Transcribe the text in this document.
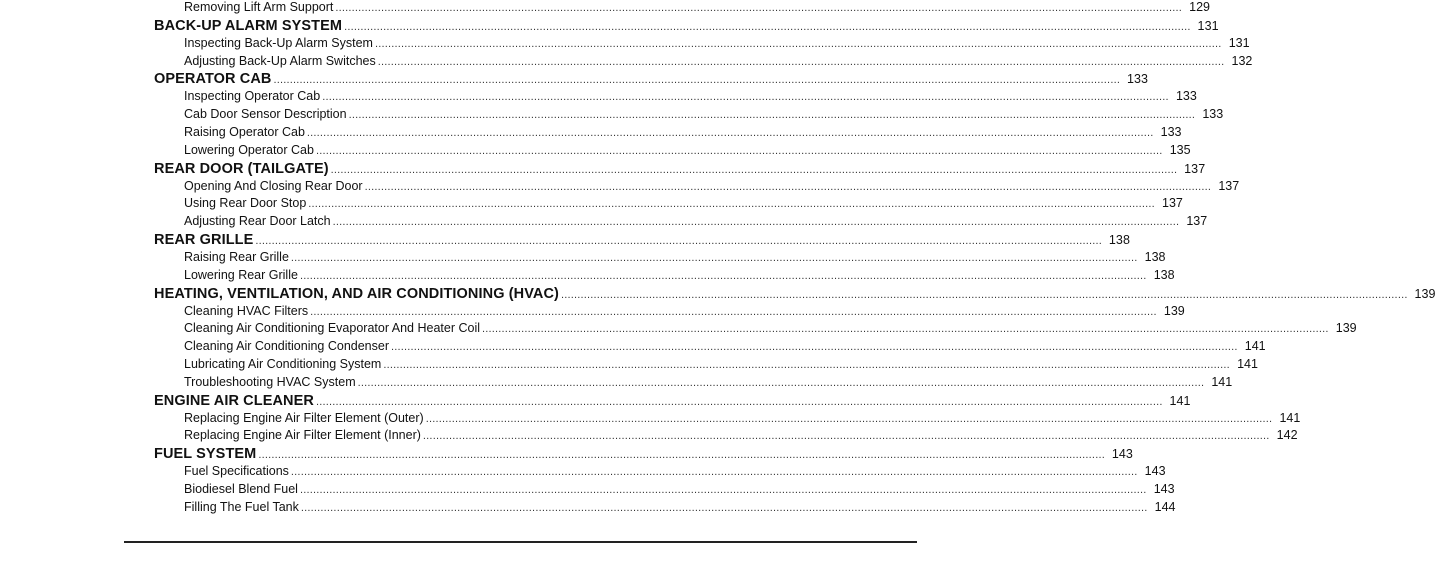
Removing Lift Arm Support .................................................................................................................................................................................................................................................................... 129
BACK-UP ALARM SYSTEM .................................................................................................................................................................................................................................................................... 131
Inspecting Back-Up Alarm System .................................................................................................................................................................................................................................................................... 131
Adjusting Back-Up Alarm Switches .................................................................................................................................................................................................................................................................... 132
OPERATOR CAB .................................................................................................................................................................................................................................................................... 133
Inspecting Operator Cab .................................................................................................................................................................................................................................................................... 133
Cab Door Sensor Description .................................................................................................................................................................................................................................................................... 133
Raising Operator Cab .................................................................................................................................................................................................................................................................... 133
Lowering Operator Cab .................................................................................................................................................................................................................................................................... 135
REAR DOOR (TAILGATE) .................................................................................................................................................................................................................................................................... 137
Opening And Closing Rear Door .................................................................................................................................................................................................................................................................... 137
Using Rear Door Stop .................................................................................................................................................................................................................................................................... 137
Adjusting Rear Door Latch .................................................................................................................................................................................................................................................................... 137
REAR GRILLE .................................................................................................................................................................................................................................................................... 138
Raising Rear Grille .................................................................................................................................................................................................................................................................... 138
Lowering Rear Grille .................................................................................................................................................................................................................................................................... 138
HEATING, VENTILATION, AND AIR CONDITIONING (HVAC) .................................................................................................................................................................................................................................................................... 139
Cleaning HVAC Filters .................................................................................................................................................................................................................................................................... 139
Cleaning Air Conditioning Evaporator And Heater Coil .................................................................................................................................................................................................................................................................... 139
Cleaning Air Conditioning Condenser .................................................................................................................................................................................................................................................................... 141
Lubricating Air Conditioning System .................................................................................................................................................................................................................................................................... 141
Troubleshooting HVAC System .................................................................................................................................................................................................................................................................... 141
ENGINE AIR CLEANER .................................................................................................................................................................................................................................................................... 141
Replacing Engine Air Filter Element (Outer) .................................................................................................................................................................................................................................................................... 141
Replacing Engine Air Filter Element (Inner) .................................................................................................................................................................................................................................................................... 142
FUEL SYSTEM .................................................................................................................................................................................................................................................................... 143
Fuel Specifications .................................................................................................................................................................................................................................................................... 143
Biodiesel Blend Fuel .................................................................................................................................................................................................................................................................... 143
Filling The Fuel Tank .................................................................................................................................................................................................................................................................... 144
